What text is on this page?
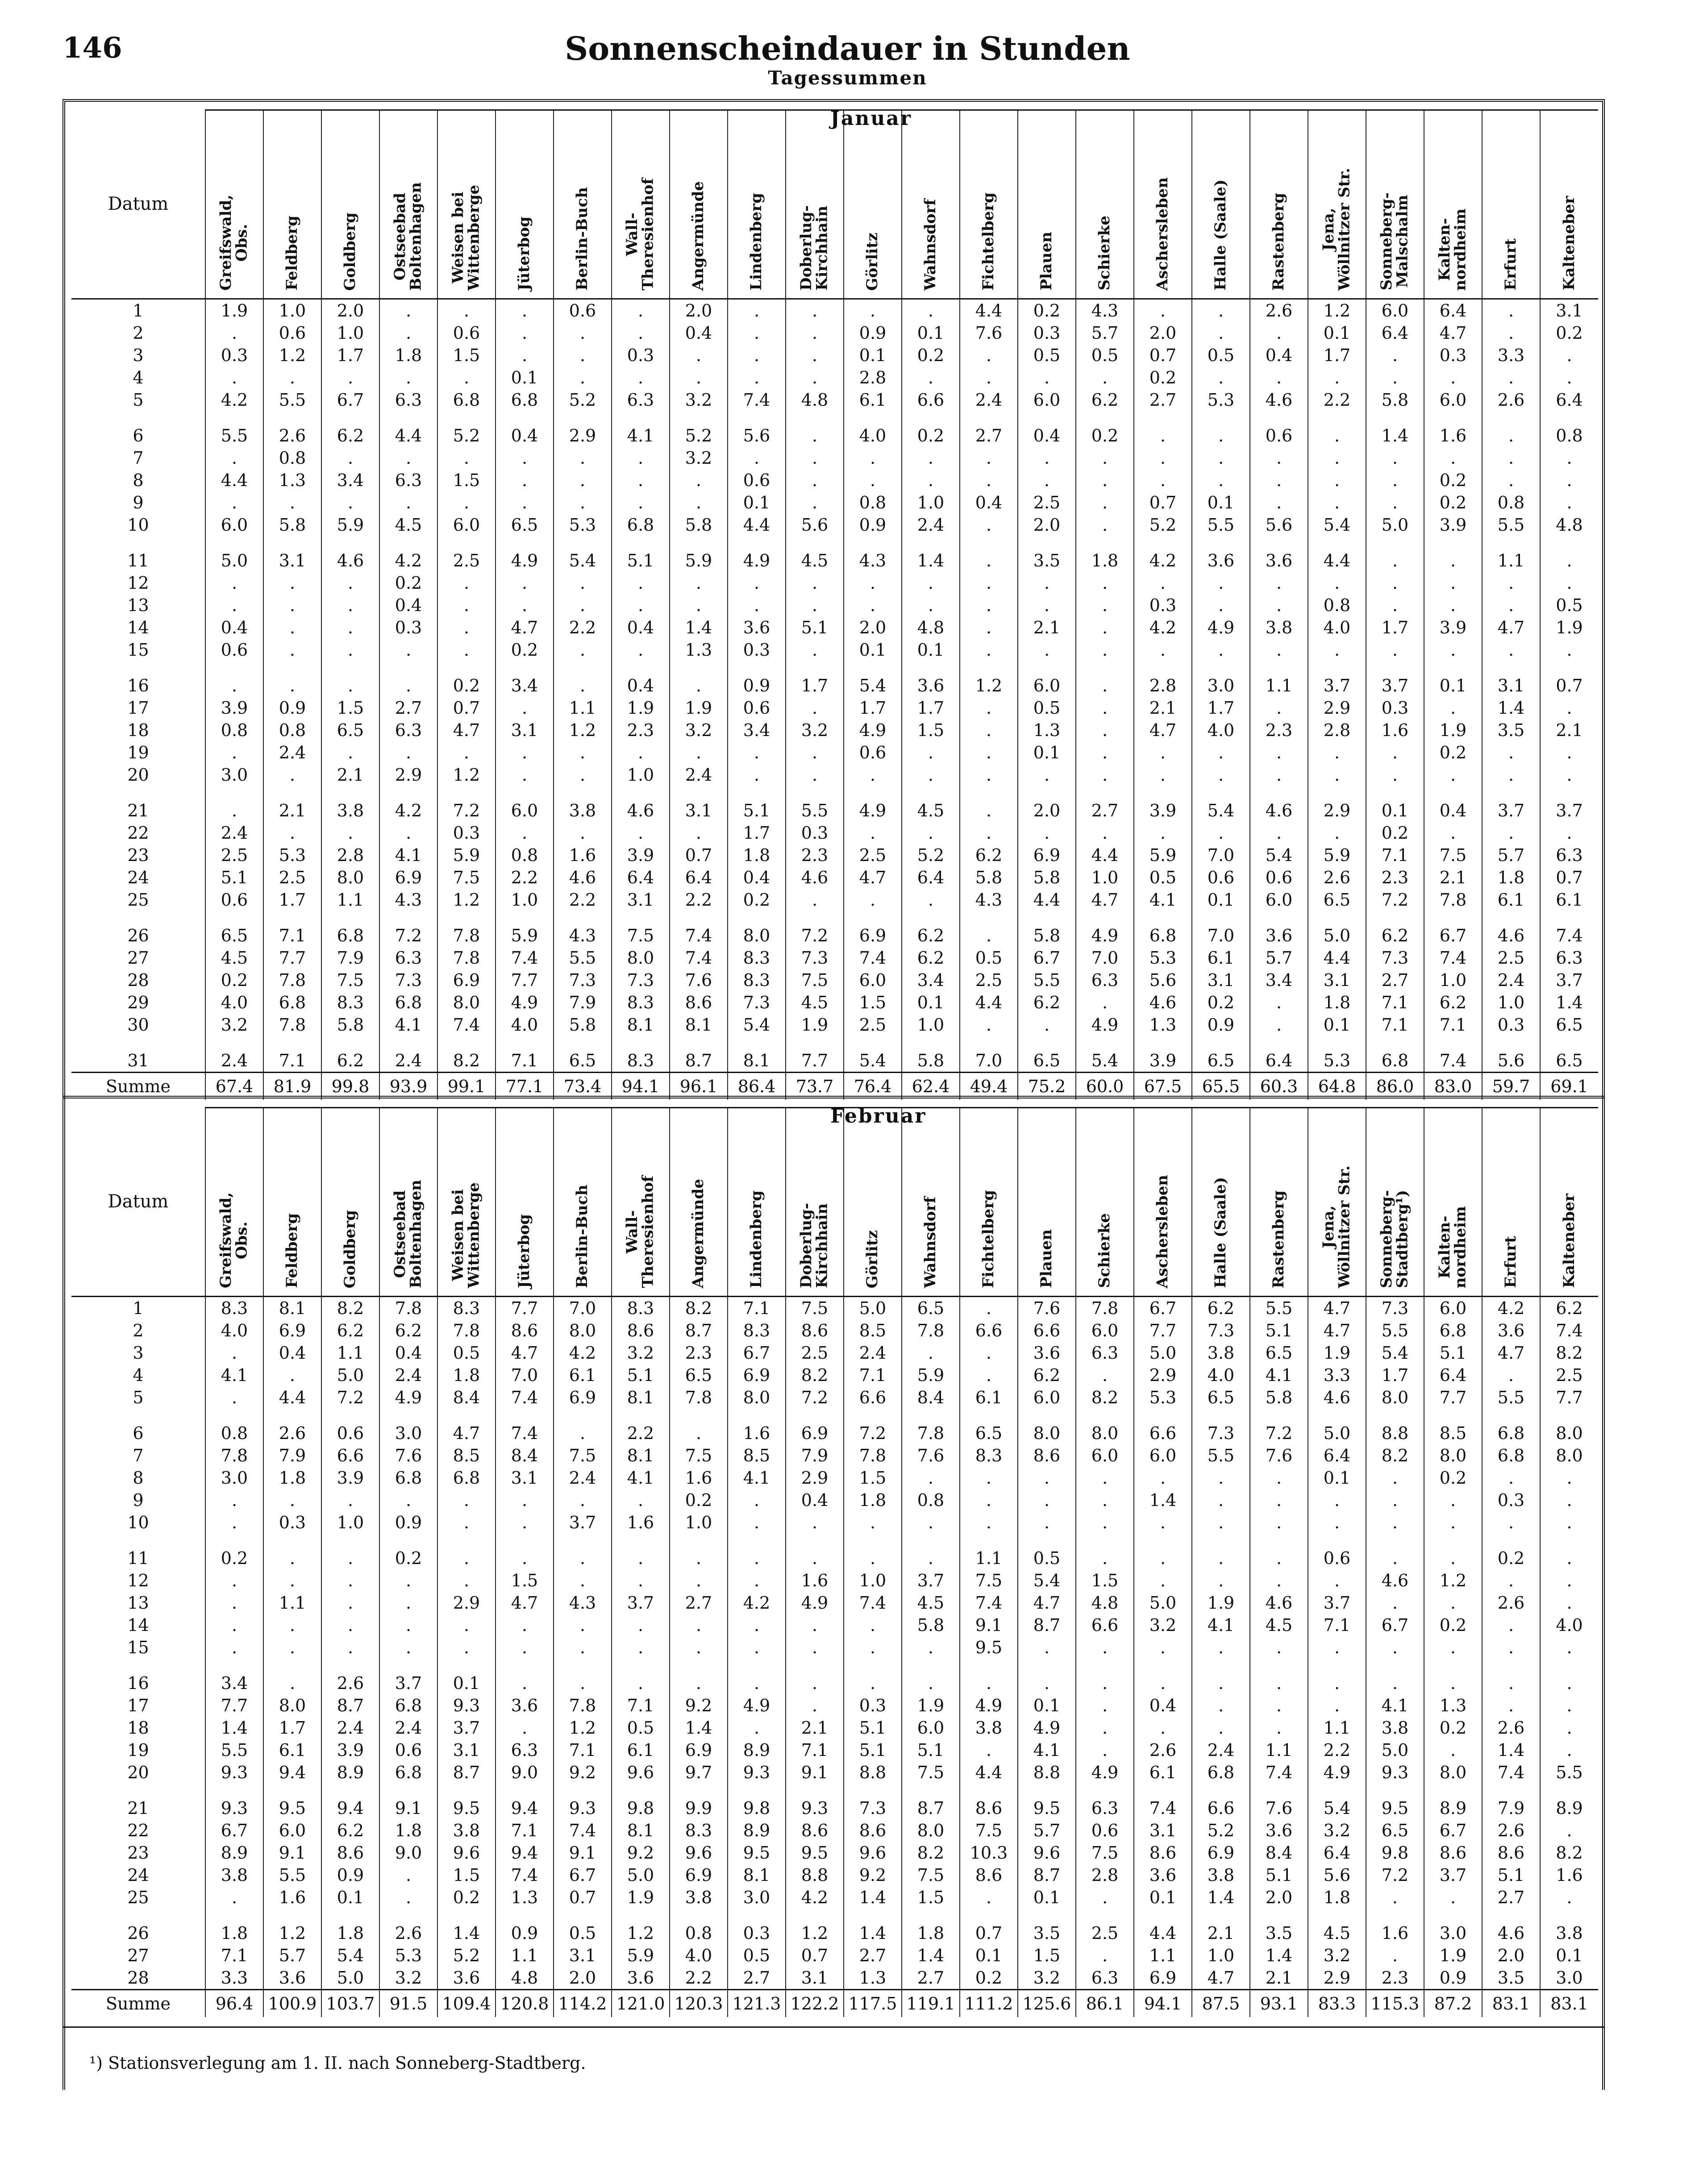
146	Sonnenscheindauer in Stunden
Tagessummen
Januar
Datum	Greifswald,
Obs.	Feldberg	Goldberg	Ostseebad
Boltenhagen	Weisen bei
Wittenberge	Jüterbog	Berlin-Buch	Wall-
Theresienhof	Angermünde	Lindenberg	Doberlug-
Kirchhain	Görlitz	Wahnsdorf	Fichtelberg	Plauen	Schierke	Aschersleben	Halle (Saale)	Rastenberg	Jena,
Wöllnitzer Str.	Sonneberg-
Malschalm	Kalten-
nordheim	Erfurt	Kalteneber
1	1.9	1.0	2.0	.	.	.	0.6	.	2.0	.	.	.	.	4.4	0.2	4.3	.	.	2.6	1.2	6.0	6.4	.	3.1
2	.	0.6	1.0	.	0.6	.	.	.	0.4	.	.	0.9	0.1	7.6	0.3	5.7	2.0	.	.	0.1	6.4	4.7	.	0.2
3	0.3	1.2	1.7	1.8	1.5	.	.	0.3	.	.	.	0.1	0.2	.	0.5	0.5	0.7	0.5	0.4	1.7	.	0.3	3.3	.
4	.	.	.	.	.	0.1	.	.	.	.	.	2.8	.	.	.	.	0.2	.	.	.	.	.	.	.
5	4.2	5.5	6.7	6.3	6.8	6.8	5.2	6.3	3.2	7.4	4.8	6.1	6.6	2.4	6.0	6.2	2.7	5.3	4.6	2.2	5.8	6.0	2.6	6.4

6	5.5	2.6	6.2	4.4	5.2	0.4	2.9	4.1	5.2	5.6	.	4.0	0.2	2.7	0.4	0.2	.	.	0.6	.	1.4	1.6	.	0.8
7	.	0.8	.	.	.	.	.	.	3.2	.	.	.	.	.	.	.	.	.	.	.	.	.	.	.
8	4.4	1.3	3.4	6.3	1.5	.	.	.	.	0.6	.	.	.	.	.	.	.	.	.	.	.	0.2	.	.
9	.	.	.	.	.	.	.	.	.	0.1	.	0.8	1.0	0.4	2.5	.	0.7	0.1	.	.	.	0.2	0.8	.
10	6.0	5.8	5.9	4.5	6.0	6.5	5.3	6.8	5.8	4.4	5.6	0.9	2.4	.	2.0	.	5.2	5.5	5.6	5.4	5.0	3.9	5.5	4.8

11	5.0	3.1	4.6	4.2	2.5	4.9	5.4	5.1	5.9	4.9	4.5	4.3	1.4	.	3.5	1.8	4.2	3.6	3.6	4.4	.	.	1.1	.
12	.	.	.	0.2	.	.	.	.	.	.	.	.	.	.	.	.	.	.	.	.	.	.	.	.
13	.	.	.	0.4	.	.	.	.	.	.	.	.	.	.	.	.	0.3	.	.	0.8	.	.	.	0.5
14	0.4	.	.	0.3	.	4.7	2.2	0.4	1.4	3.6	5.1	2.0	4.8	.	2.1	.	4.2	4.9	3.8	4.0	1.7	3.9	4.7	1.9
15	0.6	.	.	.	.	0.2	.	.	1.3	0.3	.	0.1	0.1	.	.	.	.	.	.	.	.	.	.	.

16	.	.	.	.	0.2	3.4	.	0.4	.	0.9	1.7	5.4	3.6	1.2	6.0	.	2.8	3.0	1.1	3.7	3.7	0.1	3.1	0.7
17	3.9	0.9	1.5	2.7	0.7	.	1.1	1.9	1.9	0.6	.	1.7	1.7	.	0.5	.	2.1	1.7	.	2.9	0.3	.	1.4	.
18	0.8	0.8	6.5	6.3	4.7	3.1	1.2	2.3	3.2	3.4	3.2	4.9	1.5	.	1.3	.	4.7	4.0	2.3	2.8	1.6	1.9	3.5	2.1
19	.	2.4	.	.	.	.	.	.	.	.	.	0.6	.	.	0.1	.	.	.	.	.	.	0.2	.	.
20	3.0	.	2.1	2.9	1.2	.	.	1.0	2.4	.	.	.	.	.	.	.	.	.	.	.	.	.	.	.

21	.	2.1	3.8	4.2	7.2	6.0	3.8	4.6	3.1	5.1	5.5	4.9	4.5	.	2.0	2.7	3.9	5.4	4.6	2.9	0.1	0.4	3.7	3.7
22	2.4	.	.	.	0.3	.	.	.	.	1.7	0.3	.	.	.	.	.	.	.	.	.	0.2	.	.	.
23	2.5	5.3	2.8	4.1	5.9	0.8	1.6	3.9	0.7	1.8	2.3	2.5	5.2	6.2	6.9	4.4	5.9	7.0	5.4	5.9	7.1	7.5	5.7	6.3
24	5.1	2.5	8.0	6.9	7.5	2.2	4.6	6.4	6.4	0.4	4.6	4.7	6.4	5.8	5.8	1.0	0.5	0.6	0.6	2.6	2.3	2.1	1.8	0.7
25	0.6	1.7	1.1	4.3	1.2	1.0	2.2	3.1	2.2	0.2	.	.	.	4.3	4.4	4.7	4.1	0.1	6.0	6.5	7.2	7.8	6.1	6.1

26	6.5	7.1	6.8	7.2	7.8	5.9	4.3	7.5	7.4	8.0	7.2	6.9	6.2	.	5.8	4.9	6.8	7.0	3.6	5.0	6.2	6.7	4.6	7.4
27	4.5	7.7	7.9	6.3	7.8	7.4	5.5	8.0	7.4	8.3	7.3	7.4	6.2	0.5	6.7	7.0	5.3	6.1	5.7	4.4	7.3	7.4	2.5	6.3
28	0.2	7.8	7.5	7.3	6.9	7.7	7.3	7.3	7.6	8.3	7.5	6.0	3.4	2.5	5.5	6.3	5.6	3.1	3.4	3.1	2.7	1.0	2.4	3.7
29	4.0	6.8	8.3	6.8	8.0	4.9	7.9	8.3	8.6	7.3	4.5	1.5	0.1	4.4	6.2	.	4.6	0.2	.	1.8	7.1	6.2	1.0	1.4
30	3.2	7.8	5.8	4.1	7.4	4.0	5.8	8.1	8.1	5.4	1.9	2.5	1.0	.	.	4.9	1.3	0.9	.	0.1	7.1	7.1	0.3	6.5

31	2.4	7.1	6.2	2.4	8.2	7.1	6.5	8.3	8.7	8.1	7.7	5.4	5.8	7.0	6.5	5.4	3.9	6.5	6.4	5.3	6.8	7.4	5.6	6.5
Summe	67.4	81.9	99.8	93.9	99.1	77.1	73.4	94.1	96.1	86.4	73.7	76.4	62.4	49.4	75.2	60.0	67.5	65.5	60.3	64.8	86.0	83.0	59.7	69.1
Februar
Datum	Greifswald,
Obs.	Feldberg	Goldberg	Ostseebad
Boltenhagen	Weisen bei
Wittenberge	Jüterbog	Berlin-Buch	Wall-
Theresienhof	Angermünde	Lindenberg	Doberlug-
Kirchhain	Görlitz	Wahnsdorf	Fichtelberg	Plauen	Schierke	Aschersleben	Halle (Saale)	Rastenberg	Jena,
Wöllnitzer Str.	Sonneberg-
Stadtberg¹)	Kalten-
nordheim	Erfurt	Kalteneber
1	8.3	8.1	8.2	7.8	8.3	7.7	7.0	8.3	8.2	7.1	7.5	5.0	6.5	.	7.6	7.8	6.7	6.2	5.5	4.7	7.3	6.0	4.2	6.2
2	4.0	6.9	6.2	6.2	7.8	8.6	8.0	8.6	8.7	8.3	8.6	8.5	7.8	6.6	6.6	6.0	7.7	7.3	5.1	4.7	5.5	6.8	3.6	7.4
3	.	0.4	1.1	0.4	0.5	4.7	4.2	3.2	2.3	6.7	2.5	2.4	.	.	3.6	6.3	5.0	3.8	6.5	1.9	5.4	5.1	4.7	8.2
4	4.1	.	5.0	2.4	1.8	7.0	6.1	5.1	6.5	6.9	8.2	7.1	5.9	.	6.2	.	2.9	4.0	4.1	3.3	1.7	6.4	.	2.5
5	.	4.4	7.2	4.9	8.4	7.4	6.9	8.1	7.8	8.0	7.2	6.6	8.4	6.1	6.0	8.2	5.3	6.5	5.8	4.6	8.0	7.7	5.5	7.7

6	0.8	2.6	0.6	3.0	4.7	7.4	.	2.2	.	1.6	6.9	7.2	7.8	6.5	8.0	8.0	6.6	7.3	7.2	5.0	8.8	8.5	6.8	8.0
7	7.8	7.9	6.6	7.6	8.5	8.4	7.5	8.1	7.5	8.5	7.9	7.8	7.6	8.3	8.6	6.0	6.0	5.5	7.6	6.4	8.2	8.0	6.8	8.0
8	3.0	1.8	3.9	6.8	6.8	3.1	2.4	4.1	1.6	4.1	2.9	1.5	.	.	.	.	.	.	.	0.1	.	0.2	.	.
9	.	.	.	.	.	.	.	.	0.2	.	0.4	1.8	0.8	.	.	.	1.4	.	.	.	.	.	0.3	.
10	.	0.3	1.0	0.9	.	.	3.7	1.6	1.0	.	.	.	.	.	.	.	.	.	.	.	.	.	.	.

11	0.2	.	.	0.2	.	.	.	.	.	.	.	.	.	1.1	0.5	.	.	.	.	0.6	.	.	0.2	.
12	.	.	.	.	.	1.5	.	.	.	.	1.6	1.0	3.7	7.5	5.4	1.5	.	.	.	.	4.6	1.2	.	.
13	.	1.1	.	.	2.9	4.7	4.3	3.7	2.7	4.2	4.9	7.4	4.5	7.4	4.7	4.8	5.0	1.9	4.6	3.7	.	.	2.6	.
14	.	.	.	.	.	.	.	.	.	.	.	.	5.8	9.1	8.7	6.6	3.2	4.1	4.5	7.1	6.7	0.2	.	4.0
15	.	.	.	.	.	.	.	.	.	.	.	.	.	9.5	.	.	.	.	.	.	.	.	.	.

16	3.4	.	2.6	3.7	0.1	.	.	.	.	.	.	.	.	.	.	.	.	.	.	.	.	.	.	.
17	7.7	8.0	8.7	6.8	9.3	3.6	7.8	7.1	9.2	4.9	.	0.3	1.9	4.9	0.1	.	0.4	.	.	.	4.1	1.3	.	.
18	1.4	1.7	2.4	2.4	3.7	.	1.2	0.5	1.4	.	2.1	5.1	6.0	3.8	4.9	.	.	.	.	1.1	3.8	0.2	2.6	.
19	5.5	6.1	3.9	0.6	3.1	6.3	7.1	6.1	6.9	8.9	7.1	5.1	5.1	.	4.1	.	2.6	2.4	1.1	2.2	5.0	.	1.4	.
20	9.3	9.4	8.9	6.8	8.7	9.0	9.2	9.6	9.7	9.3	9.1	8.8	7.5	4.4	8.8	4.9	6.1	6.8	7.4	4.9	9.3	8.0	7.4	5.5

21	9.3	9.5	9.4	9.1	9.5	9.4	9.3	9.8	9.9	9.8	9.3	7.3	8.7	8.6	9.5	6.3	7.4	6.6	7.6	5.4	9.5	8.9	7.9	8.9
22	6.7	6.0	6.2	1.8	3.8	7.1	7.4	8.1	8.3	8.9	8.6	8.6	8.0	7.5	5.7	0.6	3.1	5.2	3.6	3.2	6.5	6.7	2.6	.
23	8.9	9.1	8.6	9.0	9.6	9.4	9.1	9.2	9.6	9.5	9.5	9.6	8.2	10.3	9.6	7.5	8.6	6.9	8.4	6.4	9.8	8.6	8.6	8.2
24	3.8	5.5	0.9	.	1.5	7.4	6.7	5.0	6.9	8.1	8.8	9.2	7.5	8.6	8.7	2.8	3.6	3.8	5.1	5.6	7.2	3.7	5.1	1.6
25	.	1.6	0.1	.	0.2	1.3	0.7	1.9	3.8	3.0	4.2	1.4	1.5	.	0.1	.	0.1	1.4	2.0	1.8	.	.	2.7	.

26	1.8	1.2	1.8	2.6	1.4	0.9	0.5	1.2	0.8	0.3	1.2	1.4	1.8	0.7	3.5	2.5	4.4	2.1	3.5	4.5	1.6	3.0	4.6	3.8
27	7.1	5.7	5.4	5.3	5.2	1.1	3.1	5.9	4.0	0.5	0.7	2.7	1.4	0.1	1.5	.	1.1	1.0	1.4	3.2	.	1.9	2.0	0.1
28	3.3	3.6	5.0	3.2	3.6	4.8	2.0	3.6	2.2	2.7	3.1	1.3	2.7	0.2	3.2	6.3	6.9	4.7	2.1	2.9	2.3	0.9	3.5	3.0
Summe	96.4	100.9	103.7	91.5	109.4	120.8	114.2	121.0	120.3	121.3	122.2	117.5	119.1	111.2	125.6	86.1	94.1	87.5	93.1	83.3	115.3	87.2	83.1	83.1
¹) Stationsverlegung am 1. II. nach Sonneberg-Stadtberg.
